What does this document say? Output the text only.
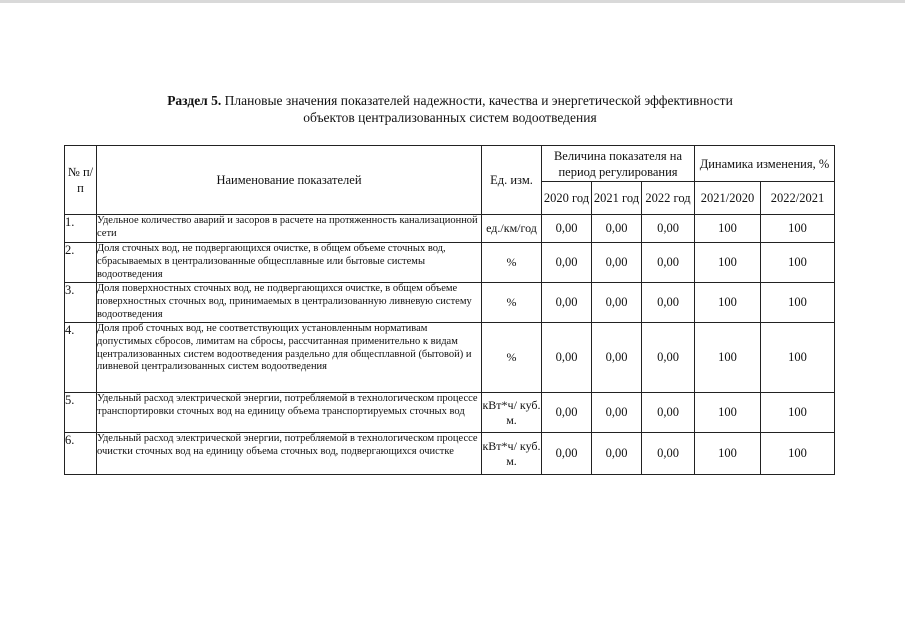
Раздел 5. Плановые значения показателей надежности, качества и энергетической эффективности
объектов централизованных систем водоотведения
№ п/п	Наименование показателей	Ед. изм.	Величина показателя на период регулирования			Динамика изменения, %	
			2020 год	2021 год	2022 год	2021/2020	2022/2021
1.	Удельное количество аварий и засоров в расчете на протяженность канализационной сети	ед./км/год	0,00	0,00	0,00	100	100
2.	Доля сточных вод, не подвергающихся очистке, в общем объеме сточных вод, сбрасываемых в централизованные общесплавные или бытовые системы водоотведения	%	0,00	0,00	0,00	100	100
3.	Доля поверхностных сточных вод, не подвергающихся очистке, в общем объеме поверхностных сточных вод, принимаемых в централизованную ливневую систему водоотведения	%	0,00	0,00	0,00	100	100
4.	Доля проб сточных вод, не соответствующих установленным нормативам допустимых сбросов, лимитам на сбросы, рассчитанная применительно к видам централизованных систем водоотведения раздельно для общесплавной (бытовой) и ливневой централизованных систем водоотведения	%	0,00	0,00	0,00	100	100
5.	Удельный расход электрической энергии, потребляемой в технологическом процессе транспортировки сточных вод на единицу объема транспортируемых сточных вод	кВт*ч/ куб. м.	0,00	0,00	0,00	100	100
6.	Удельный расход электрической энергии, потребляемой в технологическом процессе очистки сточных вод на единицу объема сточных вод, подвергающихся очистке	кВт*ч/ куб. м.	0,00	0,00	0,00	100	100
